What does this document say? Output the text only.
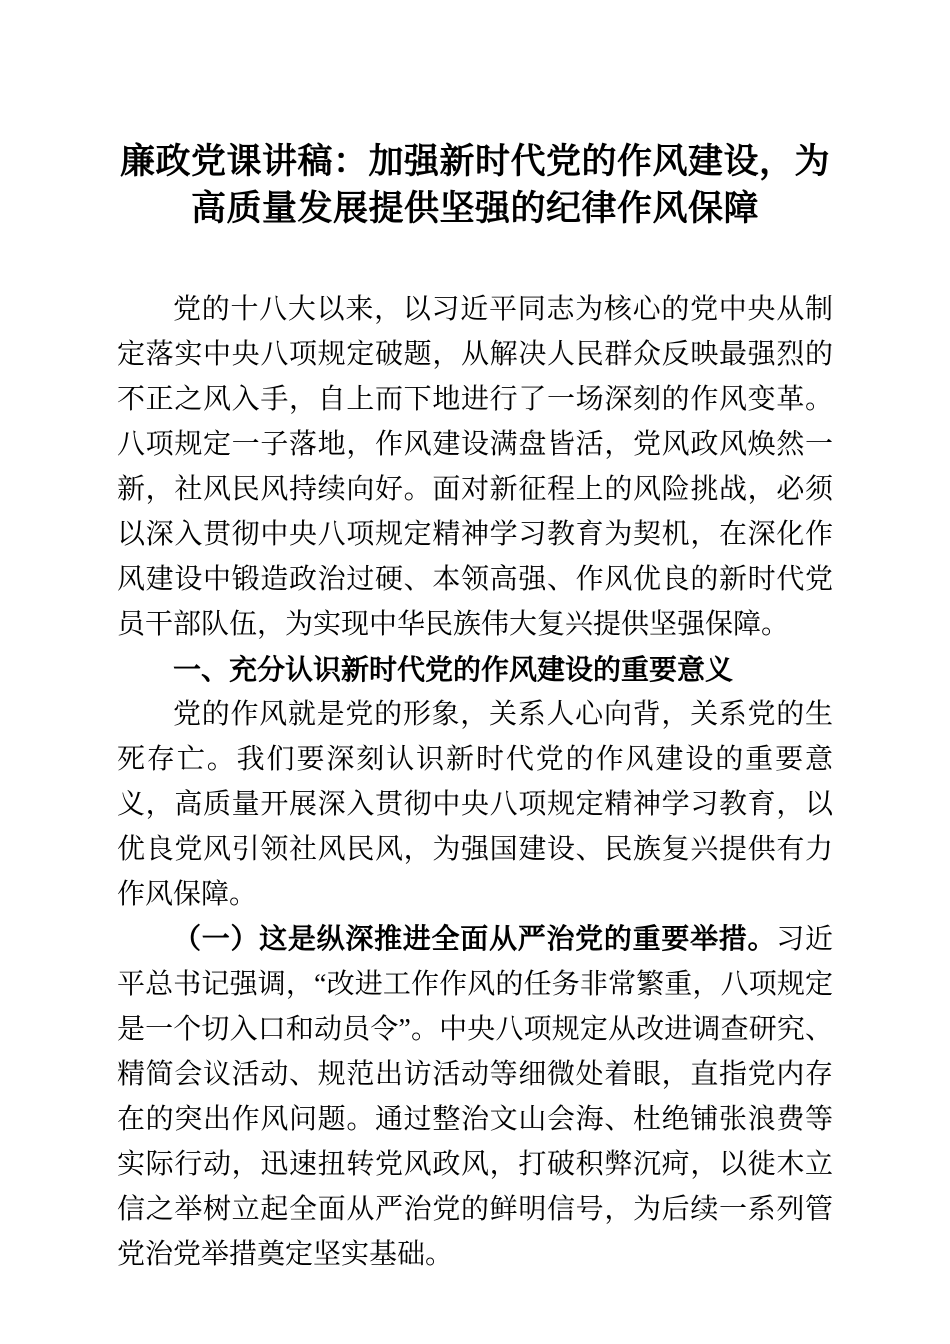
廉政党课讲稿：加强新时代党的作风建设，为高质量发展提供坚强的纪律作风保障

党的十八大以来，以习近平同志为核心的党中央从制定落实中央八项规定破题，从解决人民群众反映最强烈的不正之风入手，自上而下地进行了一场深刻的作风变革。八项规定一子落地，作风建设满盘皆活，党风政风焕然一新，社风民风持续向好。面对新征程上的风险挑战，必须以深入贯彻中央八项规定精神学习教育为契机，在深化作风建设中锻造政治过硬、本领高强、作风优良的新时代党员干部队伍，为实现中华民族伟大复兴提供坚强保障。

一、充分认识新时代党的作风建设的重要意义

党的作风就是党的形象，关系人心向背，关系党的生死存亡。我们要深刻认识新时代党的作风建设的重要意义，高质量开展深入贯彻中央八项规定精神学习教育，以优良党风引领社风民风，为强国建设、民族复兴提供有力作风保障。

（一）这是纵深推进全面从严治党的重要举措。习近平总书记强调，“改进工作作风的任务非常繁重，八项规定是一个切入口和动员令”。中央八项规定从改进调查研究、精简会议活动、规范出访活动等细微处着眼，直指党内存在的突出作风问题。通过整治文山会海、杜绝铺张浪费等实际行动，迅速扭转党风政风，打破积弊沉疴，以徙木立信之举树立起全面从严治党的鲜明信号，为后续一系列管党治党举措奠定坚实基础。
